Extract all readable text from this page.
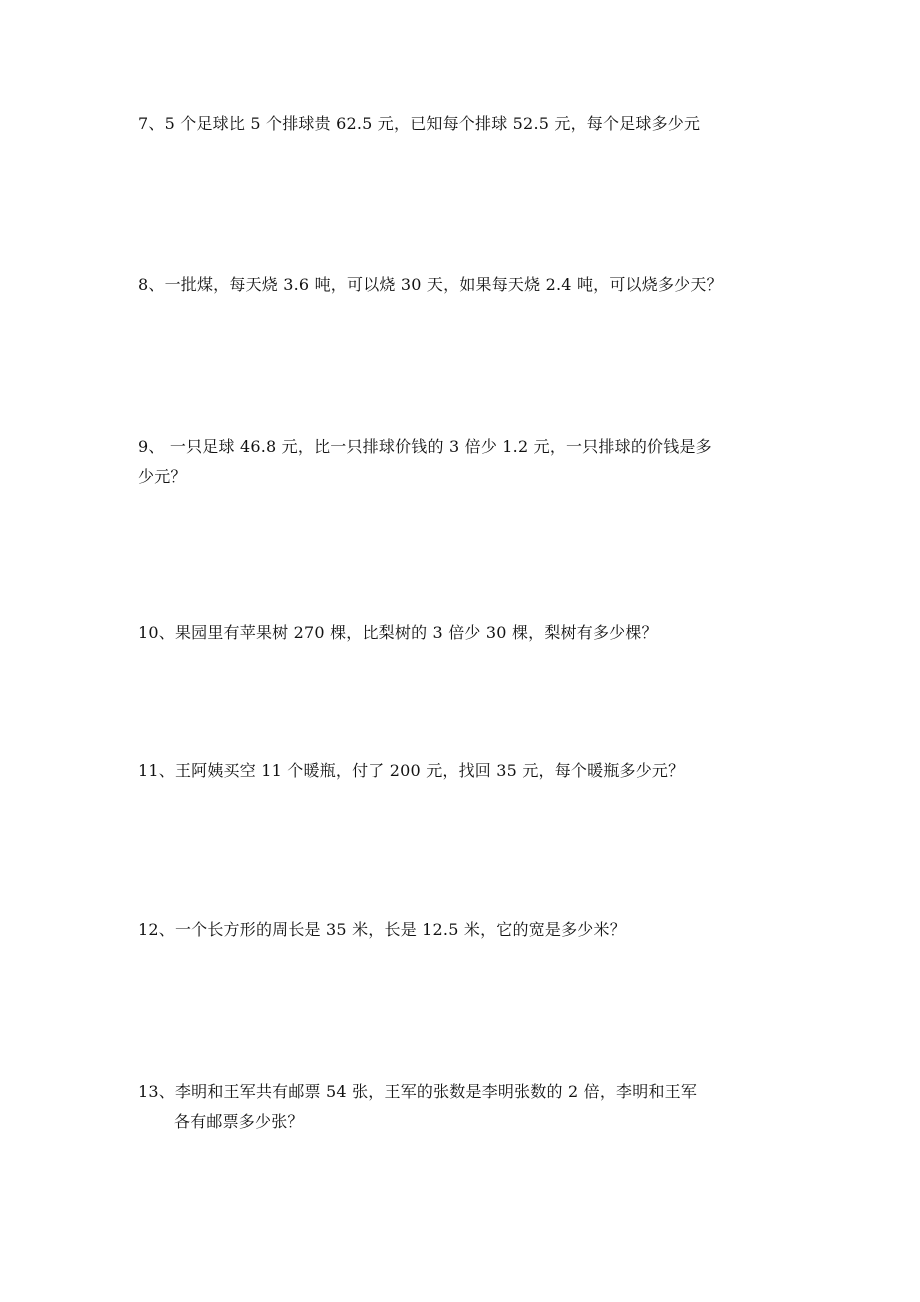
7、5 个足球比 5 个排球贵 62.5 元，已知每个排球 52.5 元，每个足球多少元
8、一批煤，每天烧 3.6 吨，可以烧 30 天，如果每天烧 2.4 吨，可以烧多少天？
9、 一只足球 46.8 元，比一只排球价钱的 3 倍少 1.2 元，一只排球的价钱是多
少元？
10、果园里有苹果树 270 棵，比梨树的 3 倍少 30 棵，梨树有多少棵？
11、王阿姨买空 11 个暖瓶，付了 200 元，找回 35 元，每个暖瓶多少元？
12、一个长方形的周长是 35 米，长是 12.5 米，它的宽是多少米？
13、李明和王军共有邮票 54 张，王军的张数是李明张数的 2 倍，李明和王军
各有邮票多少张？
